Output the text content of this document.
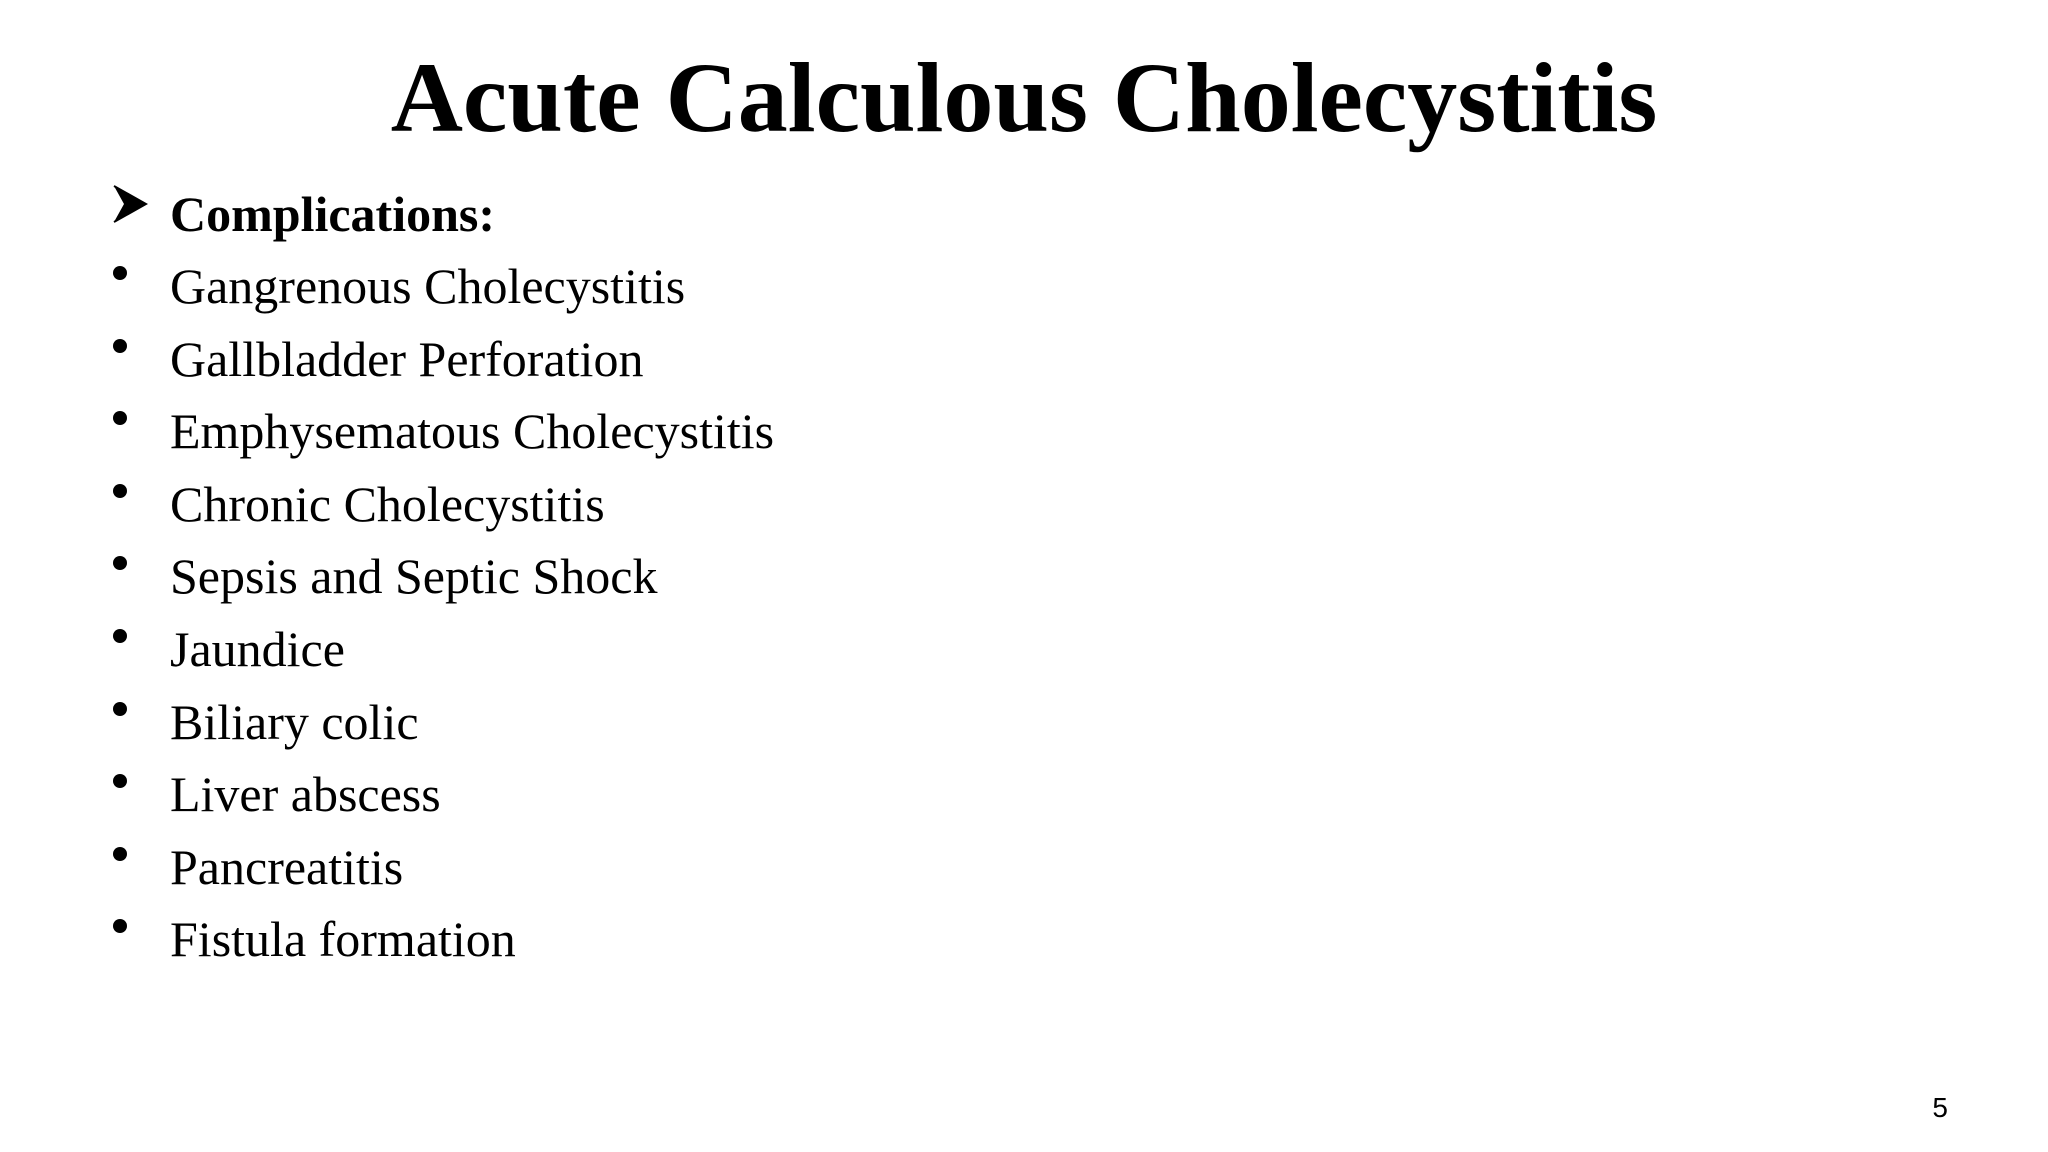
Acute Calculous Cholecystitis
Complications:
Gangrenous Cholecystitis
Gallbladder Perforation
Emphysematous Cholecystitis
Chronic Cholecystitis
Sepsis and Septic Shock
Jaundice
Biliary colic
Liver abscess
Pancreatitis
Fistula formation
5
